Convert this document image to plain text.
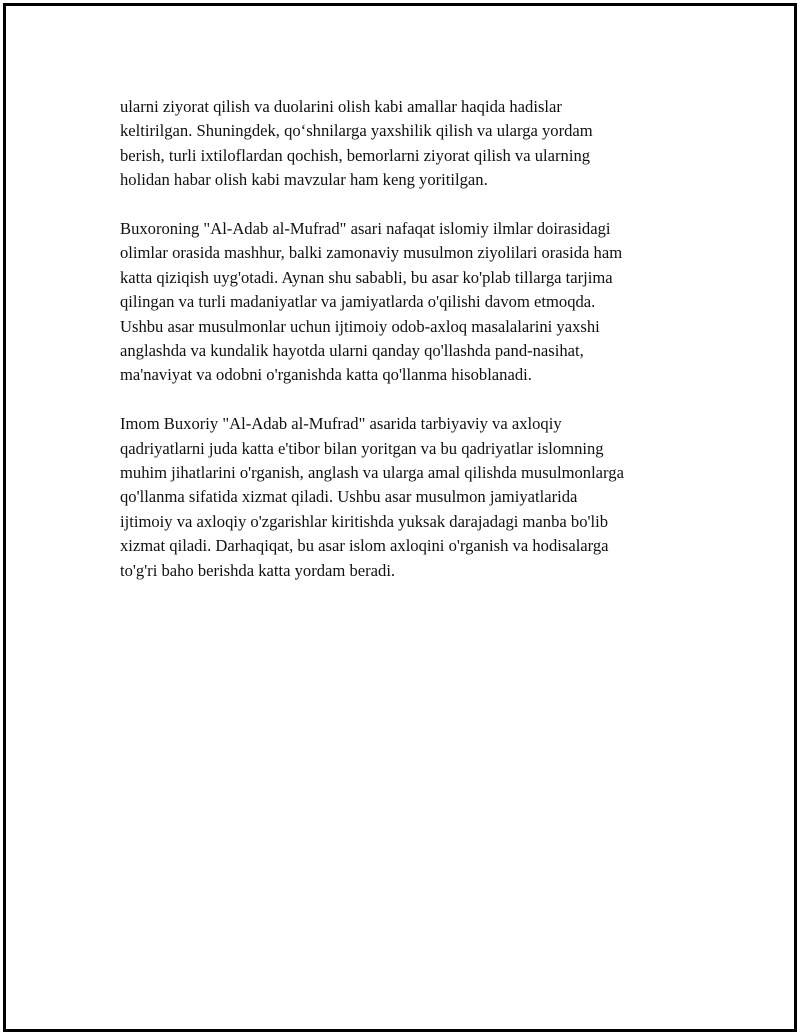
ularni ziyorat qilish va duolarini olish kabi amallar haqida hadislar
keltirilgan. Shuningdek, qoʻshnilarga yaxshilik qilish va ularga yordam
berish, turli ixtiloflardan qochish, bemorlarni ziyorat qilish va ularning
holidan habar olish kabi mavzular ham keng yoritilgan.

Buxoroning "Al-Adab al-Mufrad" asari nafaqat islomiy ilmlar doirasidagi
olimlar orasida mashhur, balki zamonaviy musulmon ziyolilari orasida ham
katta qiziqish uyg'otadi. Aynan shu sababli, bu asar ko'plab tillarga tarjima
qilingan va turli madaniyatlar va jamiyatlarda o'qilishi davom etmoqda.
Ushbu asar musulmonlar uchun ijtimoiy odob-axloq masalalarini yaxshi
anglashda va kundalik hayotda ularni qanday qo'llashda pand-nasihat,
ma'naviyat va odobni o'rganishda katta qo'llanma hisoblanadi.

Imom Buxoriy "Al-Adab al-Mufrad" asarida tarbiyaviy va axloqiy
qadriyatlarni juda katta e'tibor bilan yoritgan va bu qadriyatlar islomning
muhim jihatlarini o'rganish, anglash va ularga amal qilishda musulmonlarga
qo'llanma sifatida xizmat qiladi. Ushbu asar musulmon jamiyatlarida
ijtimoiy va axloqiy o'zgarishlar kiritishda yuksak darajadagi manba bo'lib
xizmat qiladi. Darhaqiqat, bu asar islom axloqini o'rganish va hodisalarga
to'g'ri baho berishda katta yordam beradi.
